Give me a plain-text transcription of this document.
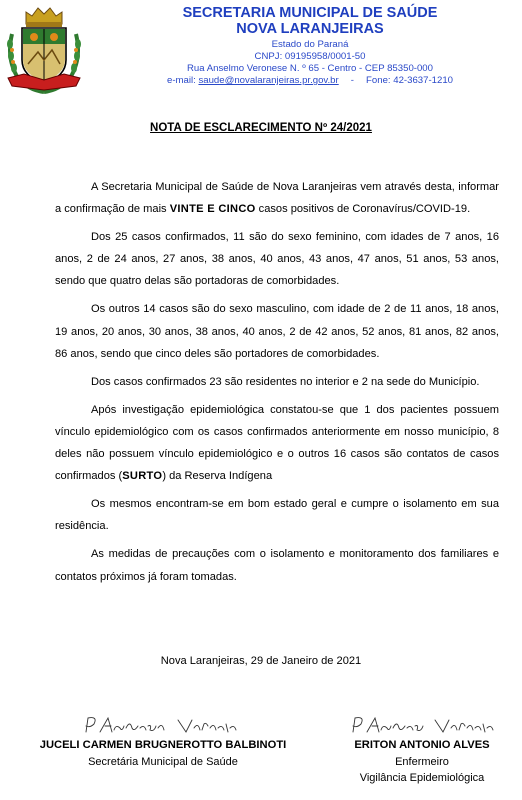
SECRETARIA MUNICIPAL DE SAÚDE

NOVA LARANJEIRAS

Estado do Paraná

CNPJ: 09195958/0001-50

Rua Anselmo Veronese N. º 65 - Centro - CEP 85350-000

e-mail: saude@novalaranjeiras.pr.gov.br - Fone: 42-3637-1210
NOTA DE ESCLARECIMENTO Nº 24/2021

A Secretaria Municipal de Saúde de Nova Laranjeiras vem através desta, informar a confirmação de mais VINTE E CINCO casos positivos de Coronavírus/COVID-19.

Dos 25 casos confirmados, 11 são do sexo feminino, com idades de 7 anos, 16 anos, 2 de 24 anos, 27 anos, 38 anos, 40 anos, 43 anos, 47 anos, 51 anos, 53 anos, sendo que quatro delas são portadoras de comorbidades.

Os outros 14 casos são do sexo masculino, com idade de 2 de 11 anos, 18 anos, 19 anos, 20 anos, 30 anos, 38 anos, 40 anos, 2 de 42 anos, 52 anos, 81 anos, 82 anos, 86 anos, sendo que cinco deles são portadores de comorbidades.

Dos casos confirmados 23 são residentes no interior e 2 na sede do Município.

Após investigação epidemiológica constatou-se que 1 dos pacientes possuem vínculo epidemiológico com os casos confirmados anteriormente em nosso município, 8 deles não possuem vínculo epidemiológico e o outros 16 casos são contatos de casos confirmados (SURTO) da Reserva Indígena

Os mesmos encontram-se em bom estado geral e cumpre o isolamento em sua residência.

As medidas de precauções com o isolamento e monitoramento dos familiares e contatos próximos já foram tomadas.

Nova Laranjeiras, 29 de Janeiro de 2021
JUCELI CARMEN BRUGNEROTTO BALBINOTI
Secretária Municipal de Saúde
ERITON ANTONIO ALVES
Enfermeiro
Vigilância Epidemiológica
